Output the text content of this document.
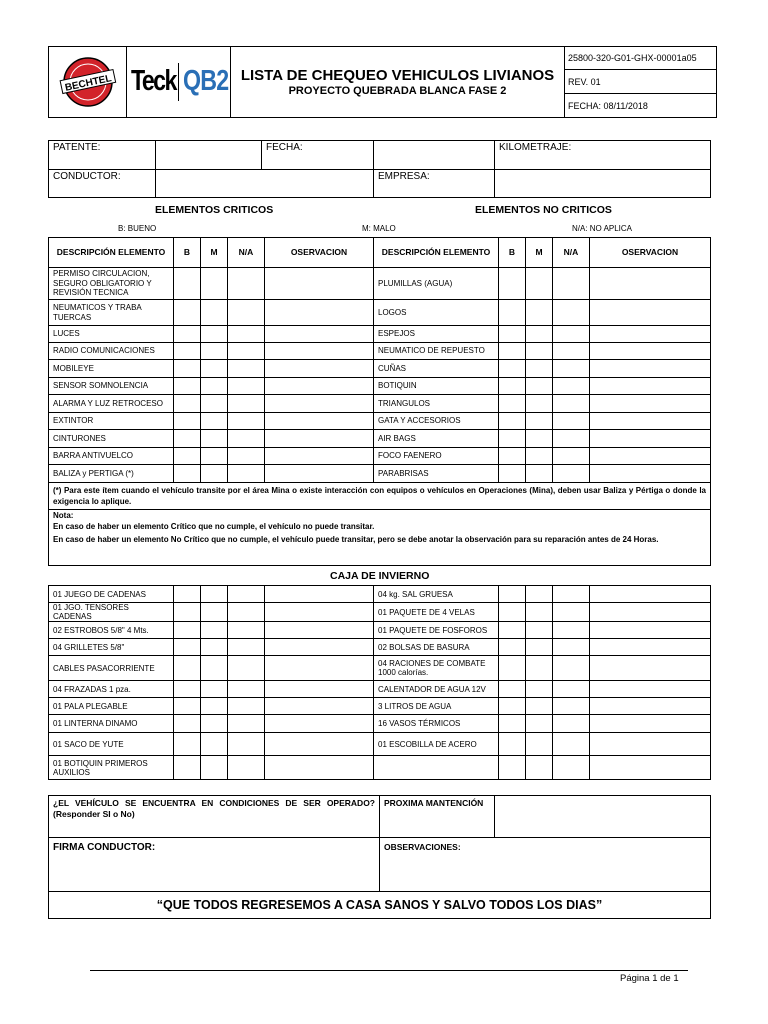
BECHTEL	Teck QB2	LISTA DE CHEQUEO VEHICULOS LIVIANOS
PROYECTO QUEBRADA BLANCA FASE 2
	25800-320-G01-GHX-00001a05
REV. 01
FECHA: 08/11/2018
PATENTE:		FECHA:		KILOMETRAJE:
CONDUCTOR:			EMPRESA:	
ELEMENTOS CRITICOS	ELEMENTOS NO CRITICOS
B: BUENO	M: MALO	N/A: NO APLICA
DESCRIPCIÓN ELEMENTO	B	M	N/A	OSERVACION	DESCRIPCIÓN ELEMENTO	B	M	N/A	OSERVACION
PERMISO CIRCULACION, SEGURO OBLIGATORIO Y REVISIÓN TECNICA					PLUMILLAS (AGUA)				
NEUMATICOS Y TRABA TUERCAS					LOGOS				
LUCES					ESPEJOS				
RADIO COMUNICACIONES					NEUMATICO DE REPUESTO				
MOBILEYE					CUÑAS				
SENSOR SOMNOLENCIA					BOTIQUIN				
ALARMA Y LUZ RETROCESO					TRIANGULOS				
EXTINTOR					GATA Y ACCESORIOS				
CINTURONES					AIR BAGS				
BARRA ANTIVUELCO					FOCO FAENERO				
BALIZA y PERTIGA (*)					PARABRISAS				
(*) Para este ítem cuando el vehículo transite por el área Mina o existe interacción con equipos o vehículos en Operaciones (Mina), deben usar Baliza y Pértiga o donde la exigencia lo aplique.									

Nota:
En caso de haber un elemento Crítico que no cumple, el vehículo no puede transitar.
En caso de haber un elemento No Crítico que no cumple, el vehículo puede transitar, pero se debe anotar la observación para su reparación antes de 24 Horas.									
CAJA DE INVIERNO
01 JUEGO DE CADENAS					04 kg. SAL GRUESA				
01 JGO. TENSORES CADENAS					01 PAQUETE DE 4 VELAS				
02 ESTROBOS 5/8" 4 Mts.					01 PAQUETE DE FOSFOROS				
04 GRILLETES 5/8"					02 BOLSAS DE BASURA				
CABLES PASACORRIENTE					04 RACIONES DE COMBATE 1000 calorías.				
04 FRAZADAS 1 pza.					CALENTADOR DE AGUA 12V				
01 PALA PLEGABLE					3 LITROS DE AGUA				
01 LINTERNA DINAMO					16 VASOS TÉRMICOS				
01 SACO DE YUTE					01 ESCOBILLA DE ACERO				
01 BOTIQUIN PRIMEROS AUXILIOS									
¿EL VEHÍCULO SE ENCUENTRA EN CONDICIONES DE SER OPERADO? (Responder SI o No)	PROXIMA MANTENCIÓN	
FIRMA CONDUCTOR:	OBSERVACIONES:	
“QUE TODOS REGRESEMOS A CASA SANOS Y SALVO TODOS LOS DIAS”		
Página 1 de 1
